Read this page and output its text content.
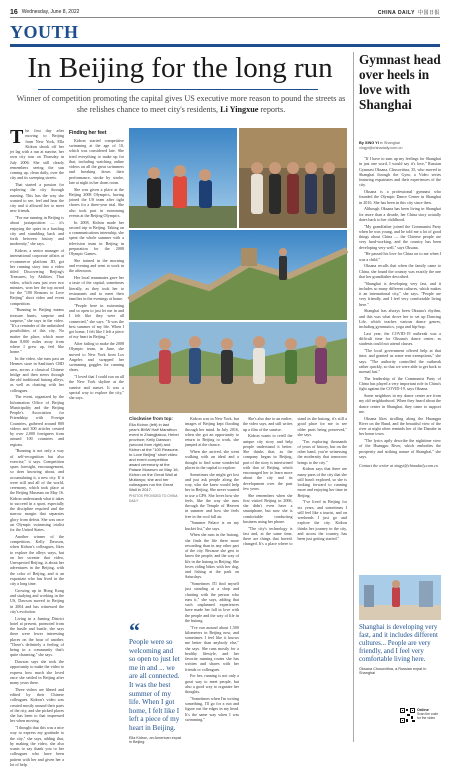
16 Wednesday, June 8, 2022	CHINA DAILY 中国日报
YOUTH
In Beijing for the long run
Winner of competition promoting the capital gives US executive more reason to pound the streets as she relishes chance to meet city's residents, Li Yingxue reports.

The first day after moving to Beijing from New York, Ella Kidron shook off her jet lag with a run at sunrise, her own city tour on Thursday in July 2006. She still clearly remembers seeing the sun coming up, clean daily, over the city and its sweeping streets.

That started a passion for exploring the city through running. This has the way she wanted to see, feel and hear the city and it allowed her to meet new friends.

"For me running in Beijing is about juxtaposition — it's enjoying the quiet in a bustling city and stumbling back and forth between history and modernity," she says.

Kidron, a senior manager of international corporate affairs at e-commerce platform JD, got her running story into a video titled Discovering Beijing's Treasures, by Abilities. That video, which runs just over two minutes, won her the top award for the "100 Reasons to Love Beijing" short video and event competition.

"Running in Beijing means treasure hunts, surprise and surprise," she says in the video. "It's a reminder of the unfinished possibilities of this city. No matter the place, which more than 8,000 miles away from where I grew up, feel like home."

In the video, she runs past an Hermes store in Sanlitun's CBD area, across a classical Chinese bridge and then steers through the old traditional hutong alleys, as well as chatting with her colleagues.

The event, organized by the Information Office of Beijing Municipality and the Beijing People's Association for Friendship with Foreign Countries, gathered around 800 videos and 300 articles created by over 2,000 foreigners from around 100 countries and regions.

"Running is not only a way of self-recognition but also exercise," it says. Competition spurs foresight, encouragement, so does knowing about, and accumulating it, a new city. If it were still and all of the world, ceremony, which took place at the Beijing Museum on May 16. Kidron understands what it takes to succeed in a sport, especially the discipline required and the narrow margin that separates glory from defeat. She was once an Olympic swimming trialist for the United States.

Another winner of the competition, Kelly Dawson, when Kidron's colleagues, likes to explore the alleys ways, but on her sweater that video, Unexpected Beijing, is about her adventures in the Beijing, with the color of Beijing, and is an expatriate who has lived in the city a long time.

Growing up in Hong Kong and studying and working in the US, Dawson moved to Beijing in 2004 and has witnessed the city's evolution.

Living in a Juming District hotel at present, promoted from the hustle and bustle, she says there were fewer interesting places on the hour of another. "There's definitely a feeling of being in a community that's quite charming," she says.

Dawson says she took the opportunity to make the video to express how much she loved once she settled in Beijing after many years there.

Three videos are filmed and edited by their Chinese colleagues. Kidron's video was created mostly around their parts of the city, and she picked places she has been to that impressed her when moving.

"I thought that this was a nice way to express my gratitude to the city," she says, adding that, by making the video, she also wants to say thank you to her colleagues who have been patient with her and given her a lot of help.

Finding her feet

Kidron started competitive swimming at the age of 10, which was considered late. She tried everything to make up for that, including watching online videos on all the great swimmers and breaking down their performance, stroke by stroke, late at night in her dorm room.

She was given a place at the Beijing 2008 Olympics, having joined the US team after tight chores for a three-year trial. She also took part in swimming events at the Beijing Olympics.

In 2008, Kidron made her second trip to Beijing. Taking on a communications internship, she spent the whole summer with a television team in Beijing in preparation for the 2008 Olympic Games.

She trained in the morning and evening and went to work in the afternoon.

Her local teammates gave her a taste of the capital, sometimes literally, as they took her to restaurants and to meet their families in the evenings at home.

"People here in swimming and so open to just let me in and I felt like they were all connected," she says. "It was the best summer of my life. When I got home, I felt like I left a piece of my heart in Beijing."

After failing to make the 2008 Olympic team, in June, she moved to New York from Los Angeles and swapped her swimming goggles for running shoes.

"I loved that I could run on all the New York skyline at the sunrise and sunset. It was a special way to explore the city," she says.

Clockwise from top:
Ella Kidron (left) in last year's BMW Half Marathon event in Zhangjiakou, Hebei province; Kelly Dawson (second from right) and Kidron at the "100 Reasons to Love Beijing" short video and event competition award ceremony at the Palace Museum on May 16; Kidron on the Great Wall at Mutianyu; she and her colleagues run the Great Wall in 2017.
PHOTOS PROVIDED TO CHINA DAILY
“
People were so welcoming and so open to just let me in and ... we are all connected. It was the best summer of my life. When I got home, I felt like I left a piece of my heart in Beijing.
Ella Kidron, an American expat in Beijing

Kidron was in New York, but images of Beijing kept flooding through her mind. In July 2016, when she got an opportunity to return to Beijing to work, she jumped at the chance.

When she arrived, she went walking with an ideal and a thought to find some wonderful places in the capital to explore.

Sometimes she might get lost and just ask people along the way, who she knew would help her in Beijing. She never wanted to use a GPS. She loves how she feels, like the way she runs through the Temple of Heaven in summer and how she feels free in the cool fall air.

"Summer Palace is on my bucket list," she says.

When she runs in the hutong, she finds the life there more rewarding than in any other part of the city. Because she gets to know the people, and the way of life in the hutong in Beijing. She loves riding bikes with her dog, and fishing at the park on Saturdays.

"Sometimes I'll find myself just standing at a shop and chatting with the person who runs it," she says, adding that such unplanned experiences have made her fall in love with the people and the way of life in the hutong.

"I've run around about 1,500 kilometers in Beijing now, and sometimes I feel like it knows me better than anybody else," she says. She runs mostly for a healthy lifestyle, and her favorite running routes she has written and shares with her friends or colleagues.

For her, running is not only a great way to meet people, but also a good way to organize her thoughts.

"Sometimes when I'm writing something, I'll go for a run and figure out the edges in my head. It's the same way when I was swimming."

She's also due to an earlier, the video says, and still writes up a film of the sunrise.

Kidron wants to retell the unique city story and help people understand it better. She thinks that, as the company began in Beijing, part of the story is intertwined with that of Beijing, which encouraged her to learn more about the city and its development over the past few years.

She remembers when she first visited Beijing in 2006, she didn't even have a smartphone, but now she is comfortable conducting business using her phone.

"The city's technology is fast and, at the same time, there are things that haven't changed. It's a place where to stand in the hutong, it's still a good place for me to see older parts being preserved," she says.

"I'm exploring thousands of years of history, but on the other hand, you're witnessing the modernity that tomorrow brings to the city."

Kidron says that there are many parts of the city that she still hasn't explored, so she is looking forward to running more and enjoying her time in Beijing.

"I've lived in Beijing for six years, and sometimes I still feel like a tourist, and on weekends I just go and explore the city. Kidron thinks her journey in the city, and across the country, has been just getting started."

Gymnast head over heels in love with Shanghai
By XING YI in Shanghai
xingyi@chinadaily.com.cn

"If I have to sum up my feelings for Shanghai in just one word, I would say it's love," Russian Gymnast Oksana, Chusovitina, 35, who moved to Shanghai through the Gym, a Video series featuring expatriates and their experiences of the city.

Oksana is a professional gymnast who founded the Olympic Dance Center in Shanghai in 2016. She has been in this city since then.

Although Oksana has been living in Shanghai for more than a decade, her China story actually dates back to her childhood.

"My grandfather joined the Communist Party when he was young, and he told me a lot of good things about China — the Chinese people are very hard-working, and the country has been developing very well," says Oksana.

"He passed his love for China on to me when I was a child."

Oksana recalls that when the family came to China, she found the country was exactly the one that her grandfather described.

"Shanghai is developing very fast, and it includes so many different cultures, which makes it an international city," she says. "People are very friendly, and I feel very comfortable living here."

Shanghai has always been Oksana's rhythm, and this was what drove her to set up Dancing Life, which teaches various dance genres, including gymnastics, yoga and hip-hop.

Last year, the COVID-19 outbreak was a difficult time for Oksana's dance center, as students could not attend classes.

"The local government offered help at that time, and granted us some rent exemptions," she says. "The authority controlled the outbreak rather quickly, so that we were able to get back to normal fast."

The leadership of the Communist Party of China has played a very important role in China's fight against the COVID-19, says Oksana.

Some neighbors in my dance center are from my old neighborhood. When they heard about the dance center in Shanghai, they came to support me.

Oksana likes strolling along the Huangpu River on the Bund, and the beautiful view of the river at night often reminds her of the Danube in her home town.

"The lyrics aptly describe the nighttime view of the Huangpu River, which embodies the prosperity and striking nature of Shanghai," she says.

Contact the writer at xingyi@chinadaily.com.cn

Shanghai is developing very fast, and it includes different cultures... People are very friendly, and I feel very comfortable living here.
Oksana Chusovitina, a Russian expat in Shanghai
Online
Scan the code for the video
